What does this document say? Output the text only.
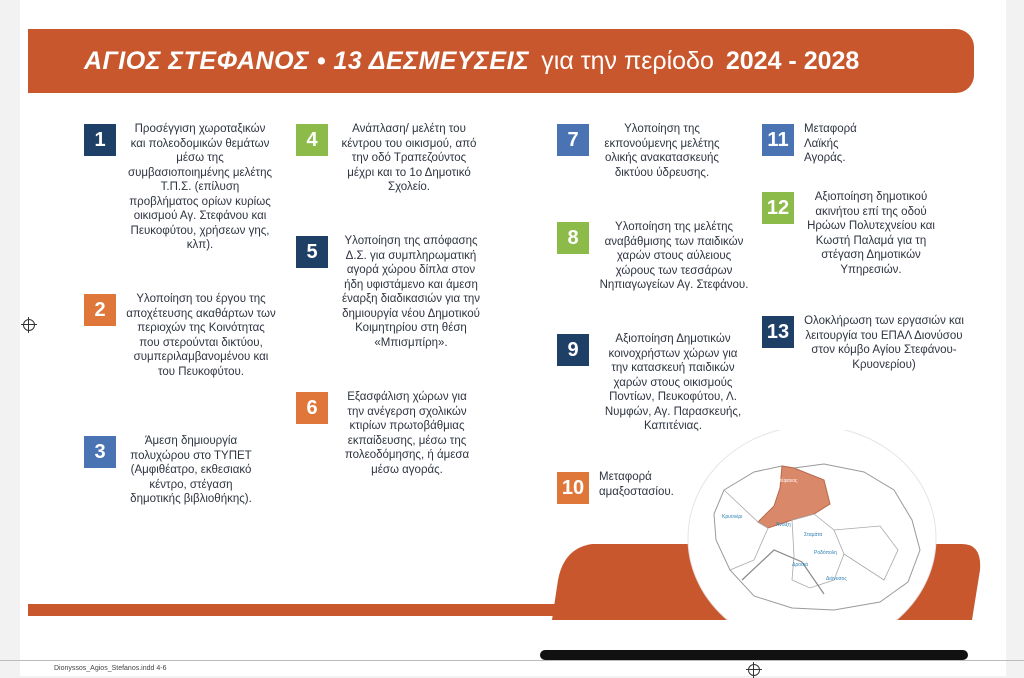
ΑΓΙΟΣ ΣΤΕΦΑΝΟΣ • 13 ΔΕΣΜΕΥΣΕΙΣ για την περίοδο 2024 - 2028
1	Προσέγγιση χωροταξικών και πολεοδομικών θεμάτων μέσω της συμβασιοποιημένης μελέτης Τ.Π.Σ. (επίλυση προβλήματος ορίων κυρίως οικισμού Αγ. Στεφάνου και Πευκοφύτου, χρήσεων γης, κλπ).
2	Υλοποίηση του έργου της αποχέτευσης ακαθάρτων των περιοχών της Κοινότητας που στερούνται δικτύου, συμπεριλαμβανομένου και του Πευκοφύτου.
3	Άμεση δημιουργία πολυχώρου στο ΤΥΠΕΤ (Αμφιθέατρο, εκθεσιακό κέντρο, στέγαση δημοτικής βιβλιοθήκης).
4	Ανάπλαση/ μελέτη του κέντρου του οικισμού, από την οδό Τραπεζούντος μέχρι και το 1ο Δημοτικό Σχολείο.
5	Υλοποίηση της απόφασης Δ.Σ. για συμπληρωματική αγορά χώρου δίπλα στον ήδη υφιστάμενο και άμεση έναρξη διαδικασιών για την δημιουργία νέου Δημοτικού Κοιμητηρίου στη θέση «Μπισμπίρη».
6	Εξασφάλιση χώρων για την ανέγερση σχολικών κτιρίων πρωτοβάθμιας εκπαίδευσης, μέσω της πολεοδόμησης, ή άμεσα μέσω αγοράς.
7	Υλοποίηση της εκπονούμενης μελέτης ολικής ανακατασκευής δικτύου ύδρευσης.
8	Υλοποίηση της μελέτης αναβάθμισης των παιδικών χαρών στους αύλειους χώρους των τεσσάρων Νηπιαγωγείων Αγ. Στεφάνου.
9	Αξιοποίηση Δημοτικών κοινοχρήστων χώρων για την κατασκευή παιδικών χαρών στους οικισμούς Ποντίων, Πευκοφύτου, Λ. Νυμφών, Αγ. Παρασκευής, Καπιτένιας.
10	Μεταφορά αμαξοστασίου.
11	Μεταφορά Λαϊκής Αγοράς.
12	Αξιοποίηση δημοτικού ακινήτου επί της οδού Ηρώων Πολυτεχνείου και Κωστή Παλαμά για τη στέγαση Δημοτικών Υπηρεσιών.
13	Ολοκλήρωση των εργασιών και λειτουργία του ΕΠΑΛ Διονύσου στον κόμβο Αγίου Στεφάνου- Κρυονερίου)
Αγ. Στέφανος
Κρυονέρι
Άνοιξη
Σταμάτα
Ροδόπολη
Δροσιά
Διόνυσος
Dionyssos_Agios_Stefanos.indd 4-6
